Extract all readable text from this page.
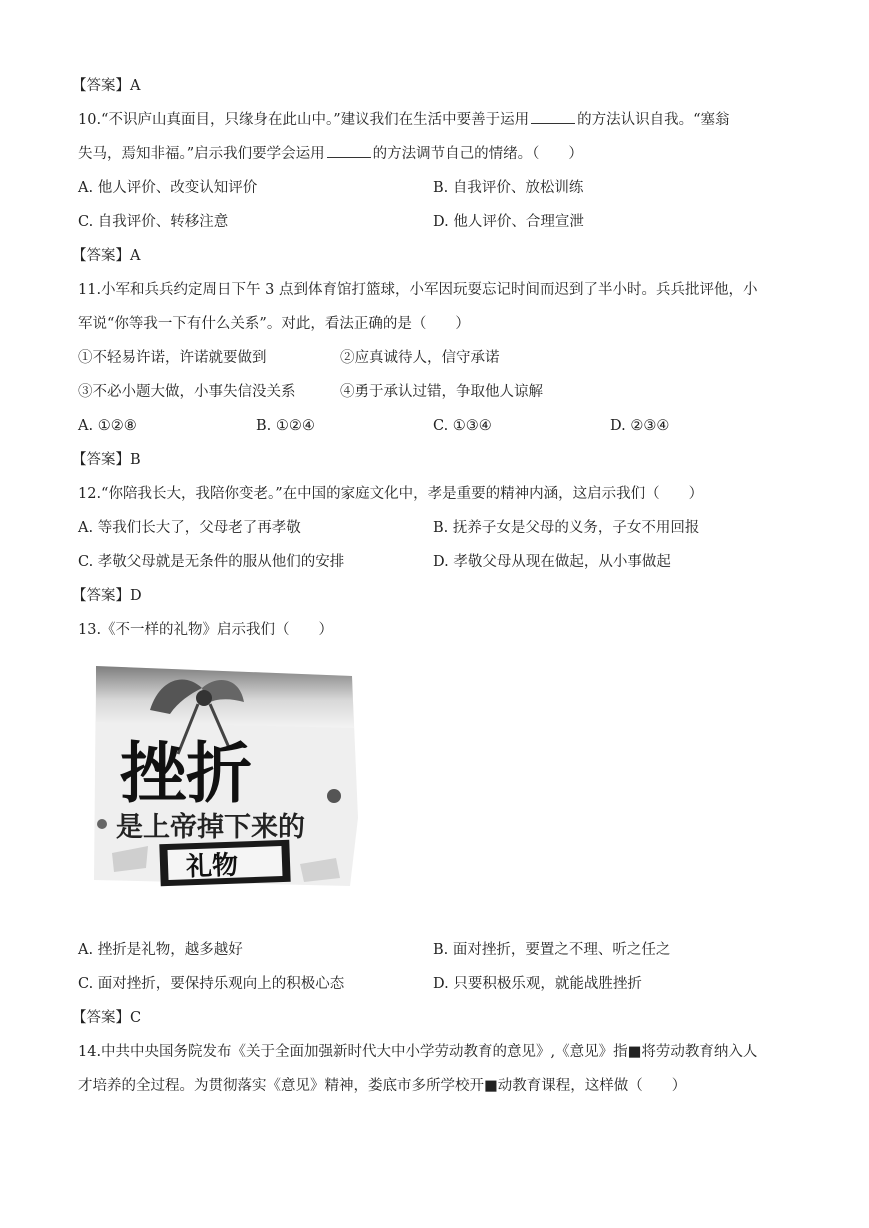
【答案】A
10.“不识庐山真面目，只缘身在此山中。”建议我们在生活中要善于运用	的方法认识自我。“塞翁
失马，焉知非福。”启示我们要学会运用	的方法调节自己的情绪。（　　）
A. 他人评价、改变认知评价	B. 自我评价、放松训练
C. 自我评价、转移注意	D. 他人评价、合理宣泄
【答案】A
11.小军和兵兵约定周日下午 3 点到体育馆打篮球，小军因玩耍忘记时间而迟到了半小时。兵兵批评他，小
军说“你等我一下有什么关系”。对此，看法正确的是（　　）
①不轻易许诺，许诺就要做到	②应真诚待人，信守承诺
③不必小题大做，小事失信没关系	④勇于承认过错，争取他人谅解
A. ①②⑧	B. ①②④	C. ①③④	D. ②③④
【答案】B
12.“你陪我长大，我陪你变老。”在中国的家庭文化中，孝是重要的精神内涵，这启示我们（　　）
A. 等我们长大了，父母老了再孝敬	B. 抚养子女是父母的义务，子女不用回报
C. 孝敬父母就是无条件的服从他们的安排	D. 孝敬父母从现在做起，从小事做起
【答案】D
13.《不一样的礼物》启示我们（　　）
挫折
是上帝掉下来的
礼物
A. 挫折是礼物，越多越好	B. 面对挫折，要置之不理、听之任之
C. 面对挫折，要保持乐观向上的积极心态	D. 只要积极乐观，就能战胜挫折
【答案】C
14.中共中央国务院发布《关于全面加强新时代大中小学劳动教育的意见》,《意见》指■将劳动教育纳入人
才培养的全过程。为贯彻落实《意见》精神，娄底市多所学校开■动教育课程，这样做（　　）
